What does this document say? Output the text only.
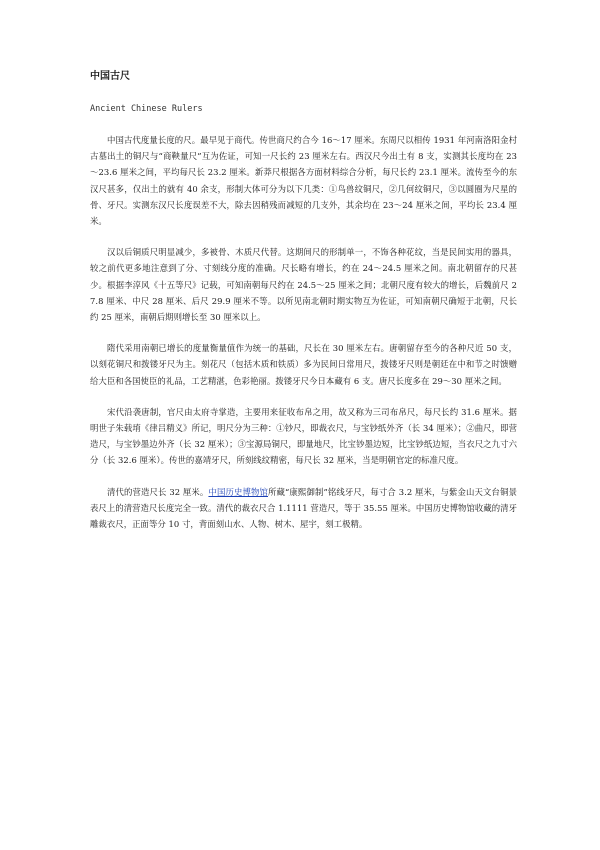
中国古尺
Ancient Chinese Rulers

中国古代度量长度的尺。最早见于商代。传世商尺约合今 16～17 厘米。东周尺以相传 1931 年河南洛阳金村古墓出土的铜尺与“商鞅量尺”互为佐证，可知一尺长约 23 厘米左右。西汉尺今出土有 8 支，实测其长度均在 23～23.6 厘米之间，平均每尺长 23.2 厘米。新莽尺根据各方面材料综合分析，每尺长约 23.1 厘米。流传至今的东汉尺甚多，仅出土的就有 40 余支，形制大体可分为以下几类：①鸟兽纹铜尺，②几何纹铜尺，③以圆圈为尺星的骨、牙尺。实测东汉尺长度误差不大，除去因稍残而减短的几支外，其余均在 23～24 厘米之间，平均长 23.4 厘米。

汉以后铜质尺明显减少，多被骨、木质尺代替。这期间尺的形制单一，不饰各种花纹，当是民间实用的器具，较之前代更多地注意到了分、寸刻线分度的准确。尺长略有增长，约在 24～24.5 厘米之间。南北朝留存的尺甚少。根据李淳风《十五等尺》记载，可知南朝每尺约在 24.5～25 厘米之间；北朝尺度有较大的增长，后魏前尺 27.8 厘米、中尺 28 厘米、后尺 29.9 厘米不等。以所见南北朝时期实物互为佐证，可知南朝尺确短于北朝，尺长约 25 厘米，南朝后期则增长至 30 厘米以上。

隋代采用南朝已增长的度量衡量值作为统一的基础，尺长在 30 厘米左右。唐朝留存至今的各种尺近 50 支，以刻花铜尺和拨镂牙尺为主。刻花尺（包括木质和铁质）多为民间日常用尺，拨镂牙尺则是朝廷在中和节之时馈赠给大臣和各国使臣的礼品，工艺精湛，色彩艳丽。拨镂牙尺今日本藏有 6 支。唐尺长度多在 29～30 厘米之间。

宋代沿袭唐制，官尺由太府寺掌造，主要用来征收布帛之用，故又称为三司布帛尺，每尺长约 31.6 厘米。据明世子朱载堉《律吕精义》所记，明尺分为三种：①钞尺，即裁衣尺，与宝钞纸外齐（长 34 厘米）；②曲尺，即营造尺，与宝钞墨边外齐（长 32 厘米）；③宝源局铜尺，即量地尺，比宝钞墨边短，比宝钞纸边短，当衣尺之九寸六分（长 32.6 厘米）。传世的嘉靖牙尺，所刻线纹精密，每尺长 32 厘米，当是明朝官定的标准尺度。

清代的营造尺长 32 厘米。中国历史博物馆所藏“康熙御制”铭线牙尺，每寸合 3.2 厘米，与紫金山天文台铜景表尺上的清营造尺长度完全一致。清代的裁衣尺合 1.1111 营造尺，等于 35.55 厘米。中国历史博物馆收藏的清牙雕裁衣尺，正面等分 10 寸，背面刻山水、人物、树木、屋宇，刻工极精。
